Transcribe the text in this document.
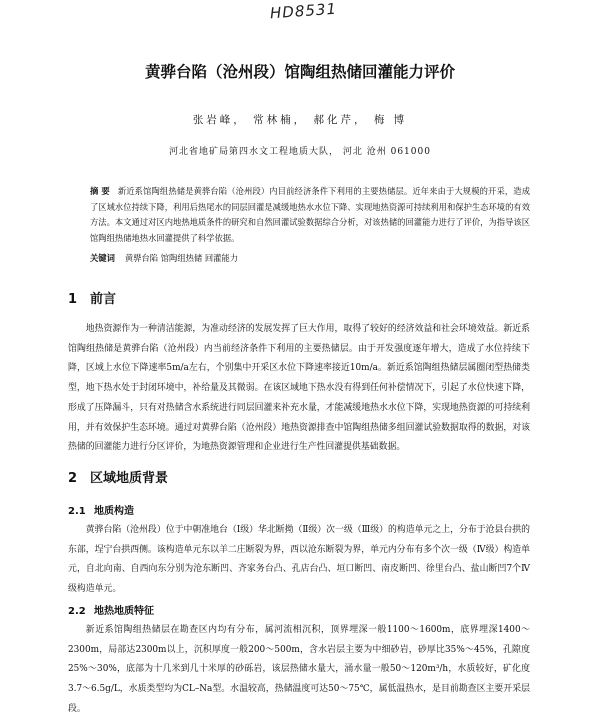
HD8531
黄骅台陷（沧州段）馆陶组热储回灌能力评价
张岩峰， 常林楠， 郝化芹， 梅 博
河北省地矿局第四水文工程地质大队， 河北 沧州 061000
摘 要 新近系馆陶组热储是黄骅台陷（沧州段）内目前经济条件下利用的主要热储层。近年来由于大规模的开采，造成了区域水位持续下降，利用后热尾水的同层回灌是减缓地热水水位下降、实现地热资源可持续利用和保护生态环境的有效方法。本文通过对区内地热地质条件的研究和自然回灌试验数据综合分析，对该热储的回灌能力进行了评价，为指导该区馆陶组热储地热水回灌提供了科学依据。
关键词 黄骅台陷 馆陶组热储 回灌能力
1 前言

地热资源作为一种清洁能源，为准动经济的发展发挥了巨大作用，取得了较好的经济效益和社会环境效益。新近系馆陶组热储是黄骅台陷（沧州段）内当前经济条件下利用的主要热储层。由于开发强度逐年增大，造成了水位持续下降，区域上水位下降速率5m/a左右，个别集中开采区水位下降速率接近10m/a。新近系馆陶组热储层属圈闭型热储类型，地下热水处于封闭环境中，补给量及其微弱。在该区域地下热水没有得到任何补偿情况下，引起了水位快速下降，形成了压降漏斗，只有对热储含水系统进行同层回灌来补充水量，才能减缓地热水水位下降，实现地热资源的可持续利用，并有效保护生态环境。通过对黄骅台陷（沧州段）地热资源排查中馆陶组热储多组回灌试验数据取得的数据，对该热储的回灌能力进行分区评价，为地热资源管理和企业进行生产性回灌提供基础数据。

2 区域地质背景
2.1 地质构造

黄骅台陷（沧州段）位于中朝准地台（Ⅰ级）华北断拗（Ⅱ级）次一级（Ⅲ级）的构造单元之上，分布于沧县台拱的东部，埕宁台拱西侧。该构造单元东以羊二庄断裂为界，西以沧东断裂为界，单元内分布有多个次一级（Ⅳ级）构造单元，自北向南、自西向东分别为沧东断凹、齐家务台凸、孔店台凸、垣口断凹、南皮断凹、徐里台凸、盐山断凹7个Ⅳ级构造单元。

2.2 地热地质特征

新近系馆陶组热储层在勘查区内均有分布，属河流相沉积，顶界埋深一般1100～1600m，底界埋深1400～2300m，局部达2300m以上，沉积厚度一般200～500m，含水岩层主要为中细砂岩，砂厚比35%～45%，孔隙度25%～30%，底部为十几米到几十米厚的砂砾岩，该层热储水量大，涌水量一般50～120m³/h，水质较好，矿化度3.7～6.5g/L，水质类型均为CL–Na型。水温较高，热储温度可达50～75℃，属低温热水，是目前勘查区主要开采层段。
